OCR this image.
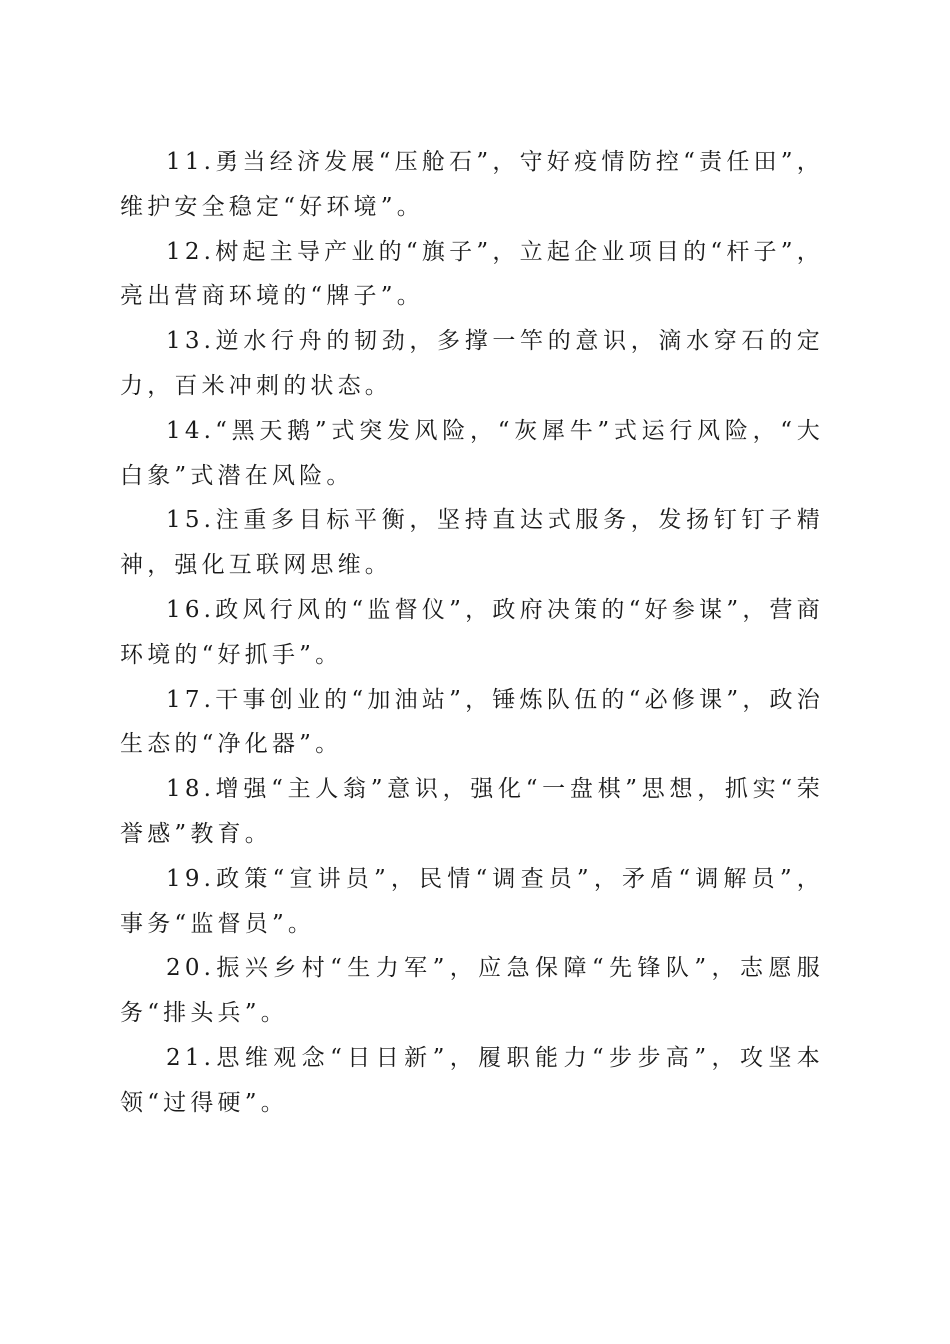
11.勇当经济发展“压舱石”，守好疫情防控“责任田”，维护安全稳定“好环境”。

12.树起主导产业的“旗子”，立起企业项目的“杆子”，亮出营商环境的“牌子”。

13.逆水行舟的韧劲，多撑一竿的意识，滴水穿石的定力，百米冲刺的状态。

14.“黑天鹅”式突发风险，“灰犀牛”式运行风险，“大白象”式潜在风险。

15.注重多目标平衡，坚持直达式服务，发扬钉钉子精神，强化互联网思维。

16.政风行风的“监督仪”，政府决策的“好参谋”，营商环境的“好抓手”。

17.干事创业的“加油站”，锤炼队伍的“必修课”，政治生态的“净化器”。

18.增强“主人翁”意识，强化“一盘棋”思想，抓实“荣誉感”教育。

19.政策“宣讲员”，民情“调查员”，矛盾“调解员”，事务“监督员”。

20.振兴乡村“生力军”，应急保障“先锋队”，志愿服务“排头兵”。

21.思维观念“日日新”，履职能力“步步高”，攻坚本领“过得硬”。
